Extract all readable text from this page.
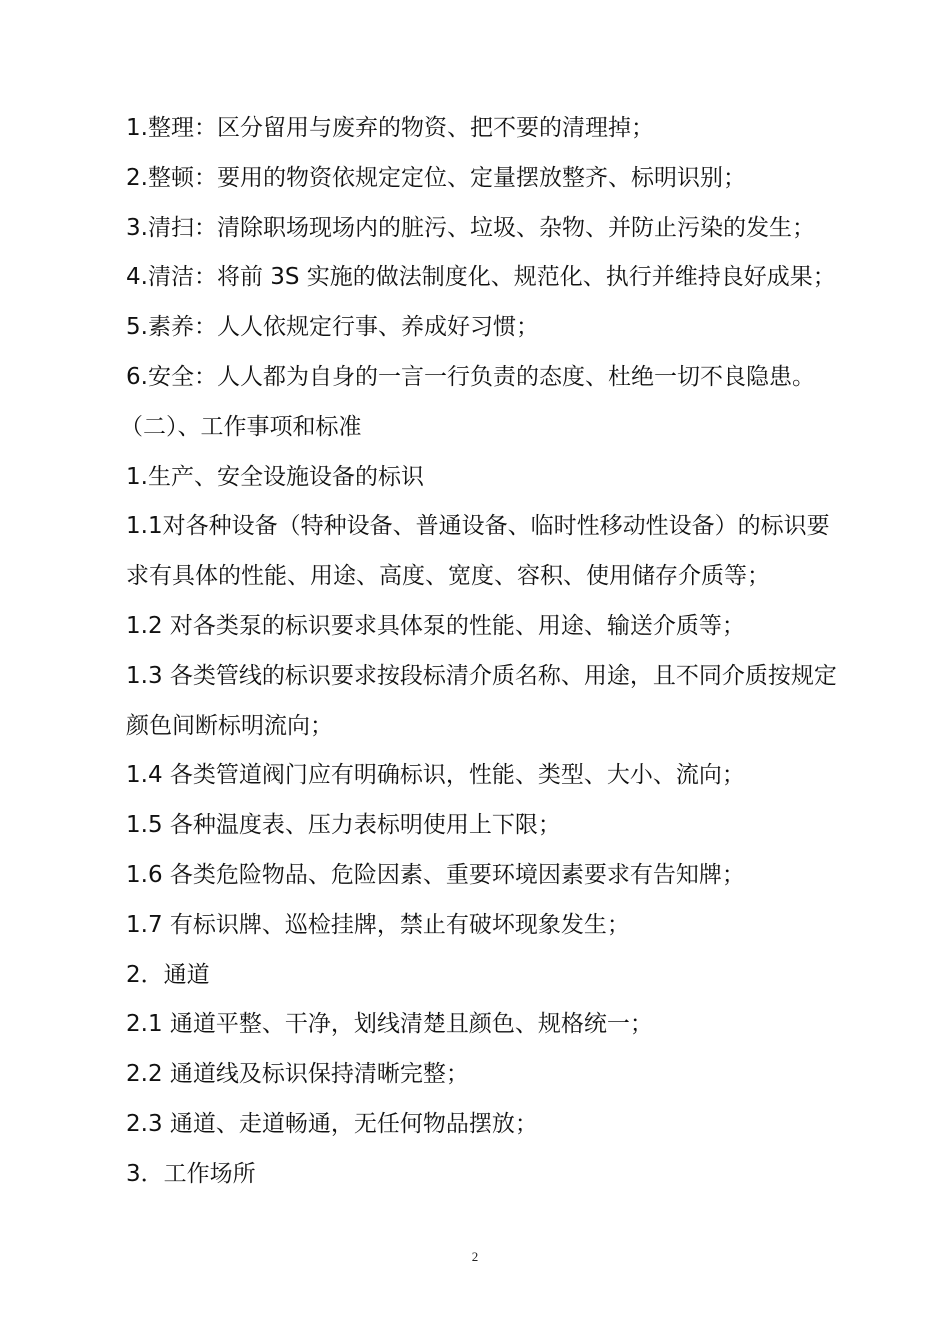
1.整理：区分留用与废弃的物资、把不要的清理掉；
2.整顿：要用的物资依规定定位、定量摆放整齐、标明识别；
3.清扫：清除职场现场内的脏污、垃圾、杂物、并防止污染的发生；
4.清洁：将前 3S 实施的做法制度化、规范化、执行并维持良好成果；
5.素养：人人依规定行事、养成好习惯；
6.安全：人人都为自身的一言一行负责的态度、杜绝一切不良隐患。
（二）、工作事项和标准
1.生产、安全设施设备的标识
1.1对各种设备（特种设备、普通设备、临时性移动性设备）的标识要
求有具体的性能、用途、高度、宽度、容积、使用储存介质等；
1.2 对各类泵的标识要求具体泵的性能、用途、输送介质等；
1.3 各类管线的标识要求按段标清介质名称、用途，且不同介质按规定
颜色间断标明流向；
1.4 各类管道阀门应有明确标识，性能、类型、大小、流向；
1.5 各种温度表、压力表标明使用上下限；
1.6 各类危险物品、危险因素、重要环境因素要求有告知牌；
1.7 有标识牌、巡检挂牌，禁止有破坏现象发生；
2．通道
2.1 通道平整、干净，划线清楚且颜色、规格统一；
2.2 通道线及标识保持清晰完整；
2.3 通道、走道畅通，无任何物品摆放；
3．工作场所
2
